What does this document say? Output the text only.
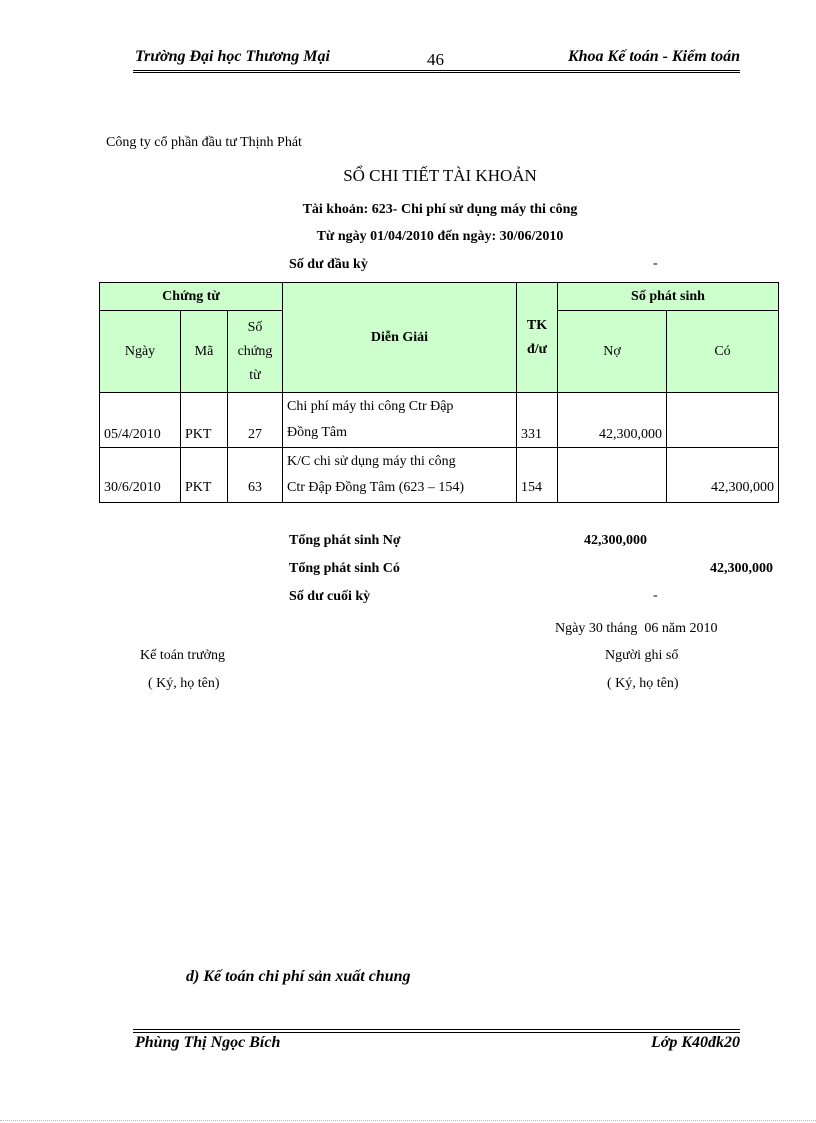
Trường Đại học Thương Mại	46	Khoa Kế toán - Kiểm toán
Công ty cổ phần đầu tư Thịnh Phát
SỔ CHI TIẾT TÀI KHOẢN
Tài khoản: 623- Chi phí sử dụng máy thi công
Từ ngày 01/04/2010 đến ngày: 30/06/2010
Số dư đầu kỳ	-
Chứng từ			Diễn Giải	TK
đ/ư	Số phát sinh	
Ngày	Mã	Số
chứng
từ			Nợ	Có
05/4/2010	PKT	27	Chi phí máy thi công Ctr Đập
Đồng Tâm	331	42,300,000	
30/6/2010	PKT	63	K/C chi sử dụng máy thi công
Ctr Đập Đồng Tâm (623 – 154)	154		42,300,000
Tổng phát sinh Nợ	42,300,000
Tổng phát sinh Có	42,300,000
Số dư cuối kỳ	-
Ngày 30 tháng  06 năm 2010
Kế toán trưởng
( Ký, họ tên)
Người ghi sổ
( Ký, họ tên)
d) Kế toán chi phí sản xuất chung
Phùng Thị Ngọc Bích	Lớp K40đk20
